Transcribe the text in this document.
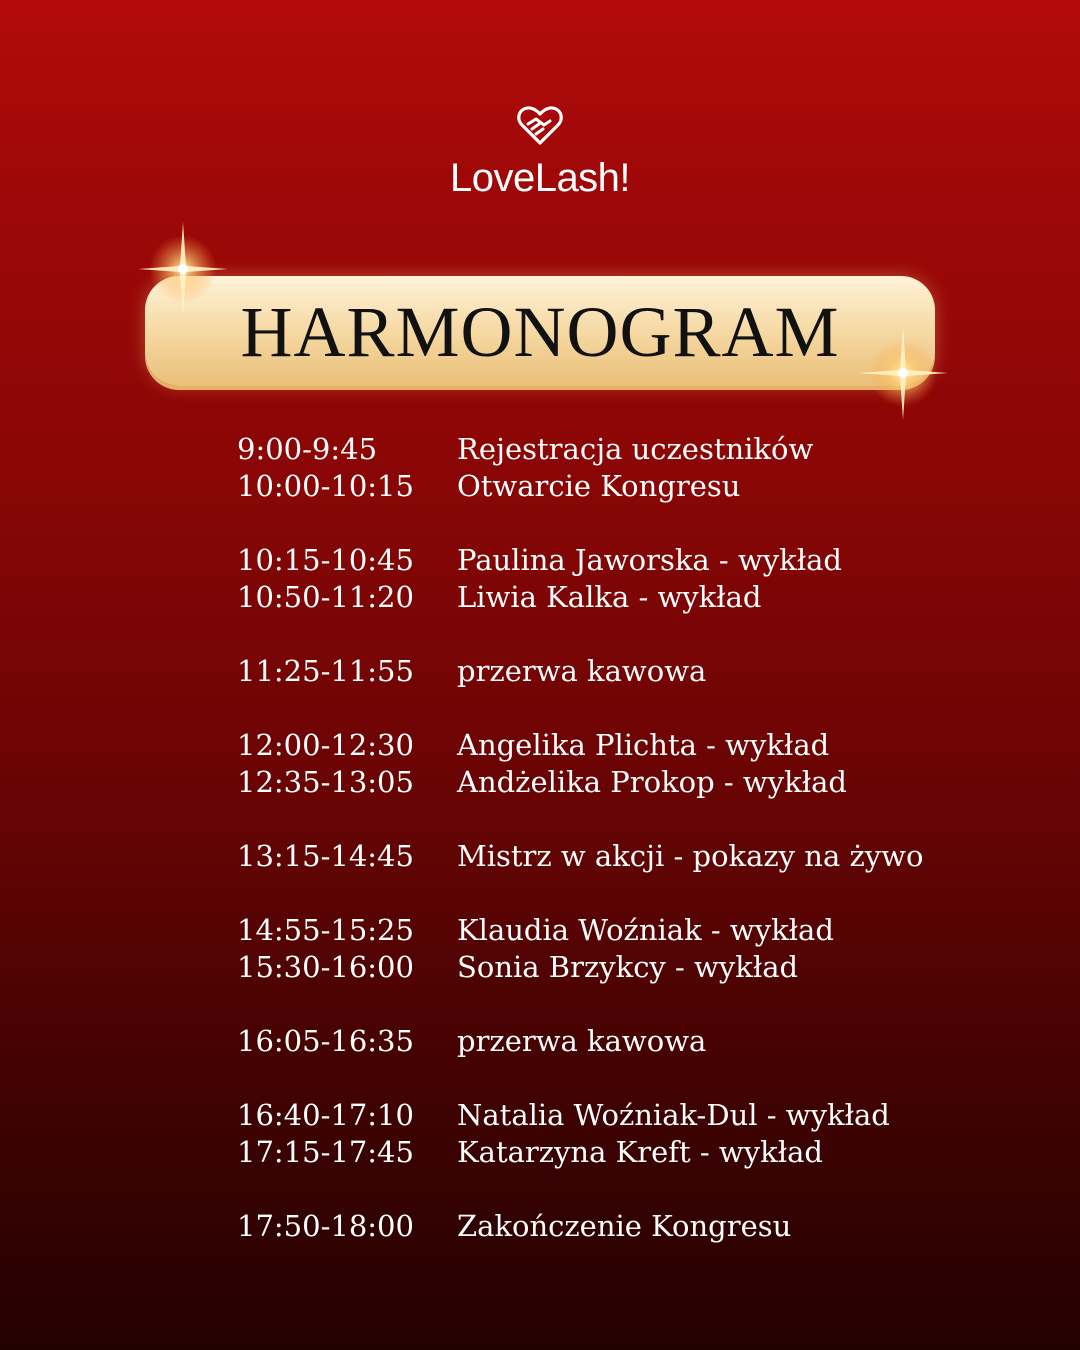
LoveLash!
HARMONOGRAM
9:00-9:45	Rejestracja uczestników
10:00-10:15 Otwarcie Kongresu
10:15-10:45 Paulina Jaworska - wykład
10:50-11:20 Liwia Kalka - wykład
11:25-11:55 przerwa kawowa
12:00-12:30 Angelika Plichta - wykład
12:35-13:05 Andżelika Prokop - wykład
13:15-14:45 Mistrz w akcji - pokazy na żywo
14:55-15:25 Klaudia Woźniak - wykład
15:30-16:00 Sonia Brzykcy - wykład
16:05-16:35 przerwa kawowa
16:40-17:10 Natalia Woźniak-Dul - wykład
17:15-17:45 Katarzyna Kreft - wykład
17:50-18:00 Zakończenie Kongresu
